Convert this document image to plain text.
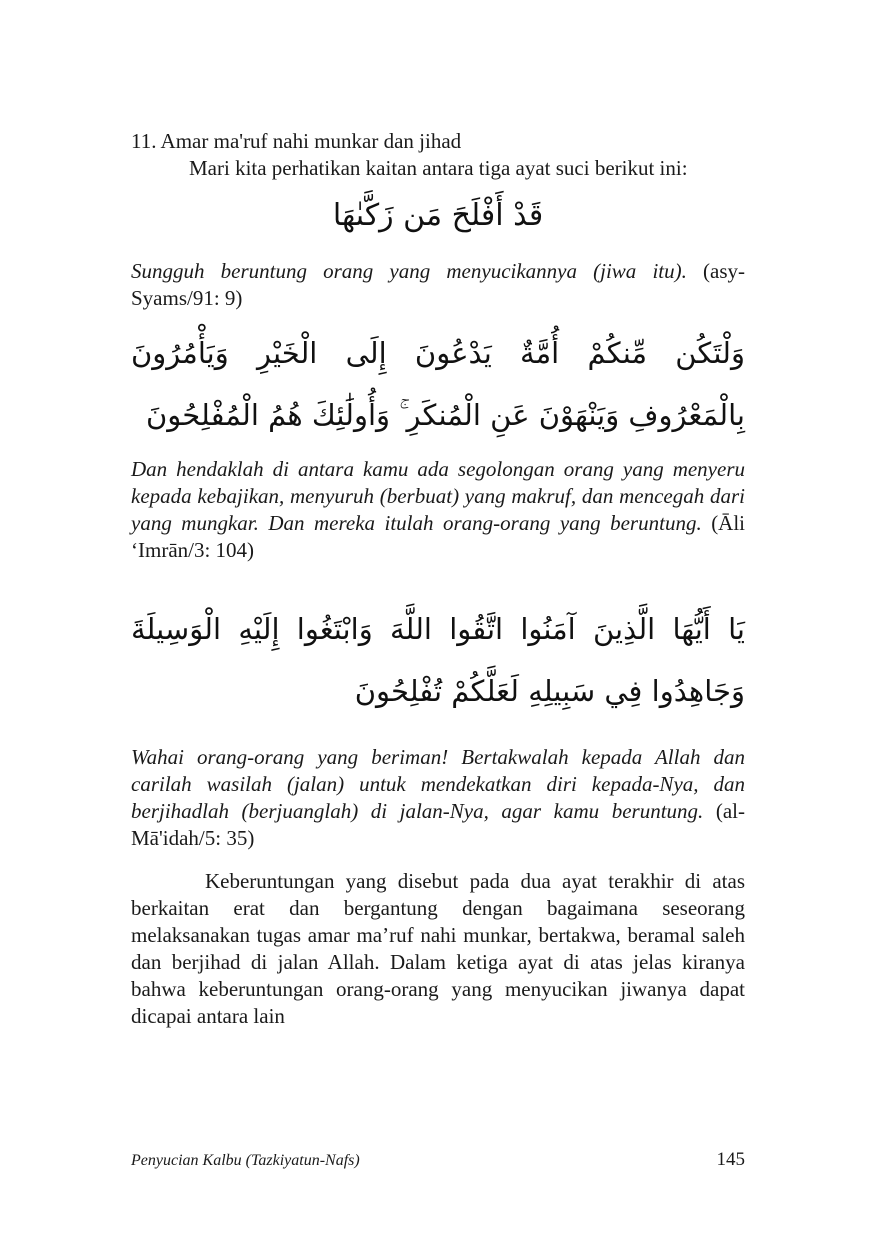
11. Amar ma'ruf nahi munkar dan jihad

Mari kita perhatikan kaitan antara tiga ayat suci berikut ini:

قَدْ أَفْلَحَ مَن زَكَّىٰهَا

Sungguh beruntung orang yang menyucikannya (jiwa itu). (asy-Syams/91: 9)

وَلْتَكُن مِّنكُمْ أُمَّةٌ يَدْعُونَ إِلَى الْخَيْرِ وَيَأْمُرُونَ بِالْمَعْرُوفِ وَيَنْهَوْنَ عَنِ الْمُنكَرِ ۚ وَأُولَٰئِكَ هُمُ الْمُفْلِحُونَ

Dan hendaklah di antara kamu ada segolongan orang yang menyeru kepada kebajikan, menyuruh (berbuat) yang makruf, dan mencegah dari yang mungkar. Dan mereka itulah orang-orang yang beruntung. (Āli ‘Imrān/3: 104)

يَا أَيُّهَا الَّذِينَ آمَنُوا اتَّقُوا اللَّهَ وَابْتَغُوا إِلَيْهِ الْوَسِيلَةَ وَجَاهِدُوا فِي سَبِيلِهِ لَعَلَّكُمْ تُفْلِحُونَ

Wahai orang-orang yang beriman! Bertakwalah kepada Allah dan carilah wasilah (jalan) untuk mendekatkan diri kepada-Nya, dan berjihadlah (berjuanglah) di jalan-Nya, agar kamu beruntung. (al-Mā'idah/5: 35)

Keberuntungan yang disebut pada dua ayat terakhir di atas berkaitan erat dan bergantung dengan bagaimana seseorang melaksanakan tugas amar ma’ruf nahi munkar, bertakwa, beramal saleh dan berjihad di jalan Allah. Dalam ketiga ayat di atas jelas kiranya bahwa keberuntungan orang-orang yang menyucikan jiwanya dapat dicapai antara lain

Penyucian Kalbu (Tazkiyatun-Nafs)	145
